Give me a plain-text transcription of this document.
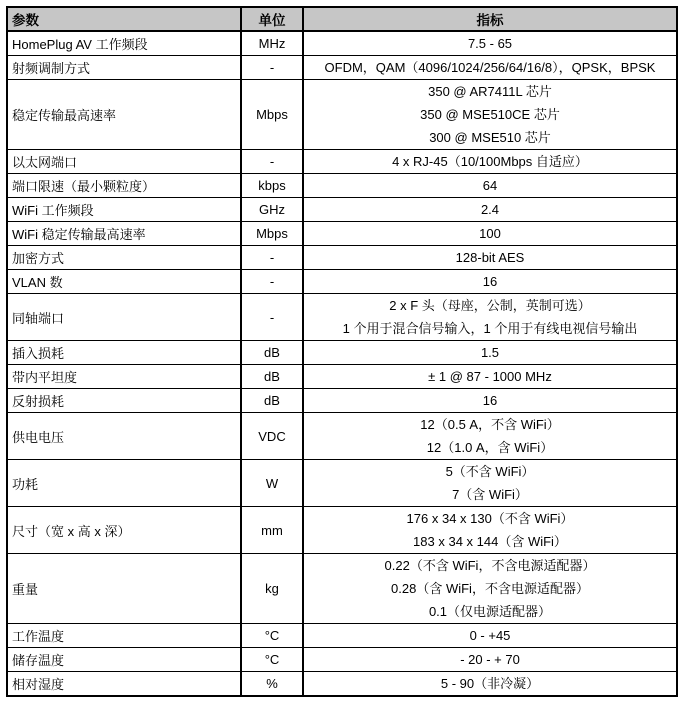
参数	单位	指标
HomePlug AV 工作频段	MHz	7.5 - 65

射频调制方式	-	OFDM，QAM（4096/1024/256/64/16/8），QPSK，BPSK

稳定传输最高速率	Mbps	350 @ AR7411L 芯片
350 @ MSE510CE 芯片
300 @ MSE510 芯片

以太网端口	-	4 x RJ-45（10/100Mbps 自适应）

端口限速（最小颗粒度）	kbps	64

WiFi 工作频段	GHz	2.4

WiFi 稳定传输最高速率	Mbps	100

加密方式	-	128-bit AES

VLAN 数	-	16

同轴端口	-	2 x F 头（母座，公制，英制可选）
1 个用于混合信号输入，1 个用于有线电视信号输出

插入损耗	dB	1.5

带内平坦度	dB	± 1 @ 87 - 1000 MHz

反射损耗	dB	16

供电电压	VDC	12（0.5 A，不含 WiFi）
12（1.0 A，含 WiFi）

功耗	W	5（不含 WiFi）
7（含 WiFi）

尺寸（宽 x 高 x 深）	mm	176 x 34 x 130（不含 WiFi）
183 x 34 x 144（含 WiFi）

重量	kg	0.22（不含 WiFi，不含电源适配器）
0.28（含 WiFi，不含电源适配器）
0.1（仅电源适配器）

工作温度	°C	0 - +45

储存温度	°C	- 20 - + 70

相对湿度	%	5 - 90（非冷凝）
